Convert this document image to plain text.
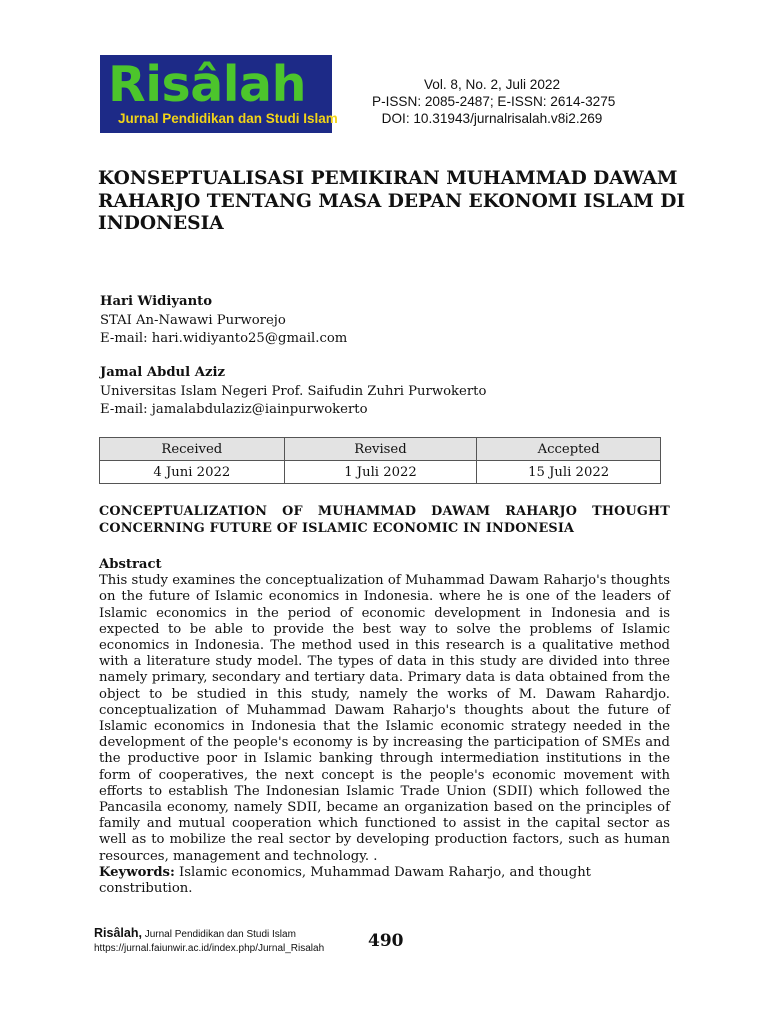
Risâlah
Jurnal Pendidikan dan Studi Islam
Vol. 8, No. 2, Juli 2022
P-ISSN: 2085-2487; E-ISSN: 2614-3275
DOI: 10.31943/jurnalrisalah.v8i2.269
KONSEPTUALISASI PEMIKIRAN MUHAMMAD DAWAM RAHARJO TENTANG MASA DEPAN EKONOMI ISLAM DI INDONESIA
Hari Widiyanto
STAI An-Nawawi Purworejo
E-mail: hari.widiyanto25@gmail.com
Jamal Abdul Aziz
Universitas Islam Negeri Prof. Saifudin Zuhri Purwokerto
E-mail: jamalabdulaziz@iainpurwokerto
Received	Revised	Accepted
4 Juni 2022	1 Juli 2022	15 Juli 2022
CONCEPTUALIZATION OF MUHAMMAD DAWAM RAHARJO THOUGHT CONCERNING FUTURE OF ISLAMIC ECONOMIC IN INDONESIA
Abstract
This study examines the conceptualization of Muhammad Dawam Raharjo's thoughts on the future of Islamic economics in Indonesia. where he is one of the leaders of Islamic economics in the period of economic development in Indonesia and is expected to be able to provide the best way to solve the problems of Islamic economics in Indonesia. The method used in this research is a qualitative method with a literature study model. The types of data in this study are divided into three namely primary, secondary and tertiary data. Primary data is data obtained from the object to be studied in this study, namely the works of M. Dawam Rahardjo. conceptualization of Muhammad Dawam Raharjo's thoughts about the future of Islamic economics in Indonesia that the Islamic economic strategy needed in the development of the people's economy is by increasing the participation of SMEs and the productive poor in Islamic banking through intermediation institutions in the form of cooperatives, the next concept is the people's economic movement with efforts to establish The Indonesian Islamic Trade Union (SDII) which followed the Pancasila economy, namely SDII, became an organization based on the principles of family and mutual cooperation which functioned to assist in the capital sector as well as to mobilize the real sector by developing production factors, such as human resources, management and technology. .
Keywords: Islamic economics, Muhammad Dawam Raharjo, and thought constribution.
Risâlah, Jurnal Pendidikan dan Studi Islam
https://jurnal.faiunwir.ac.id/index.php/Jurnal_Risalah	490
